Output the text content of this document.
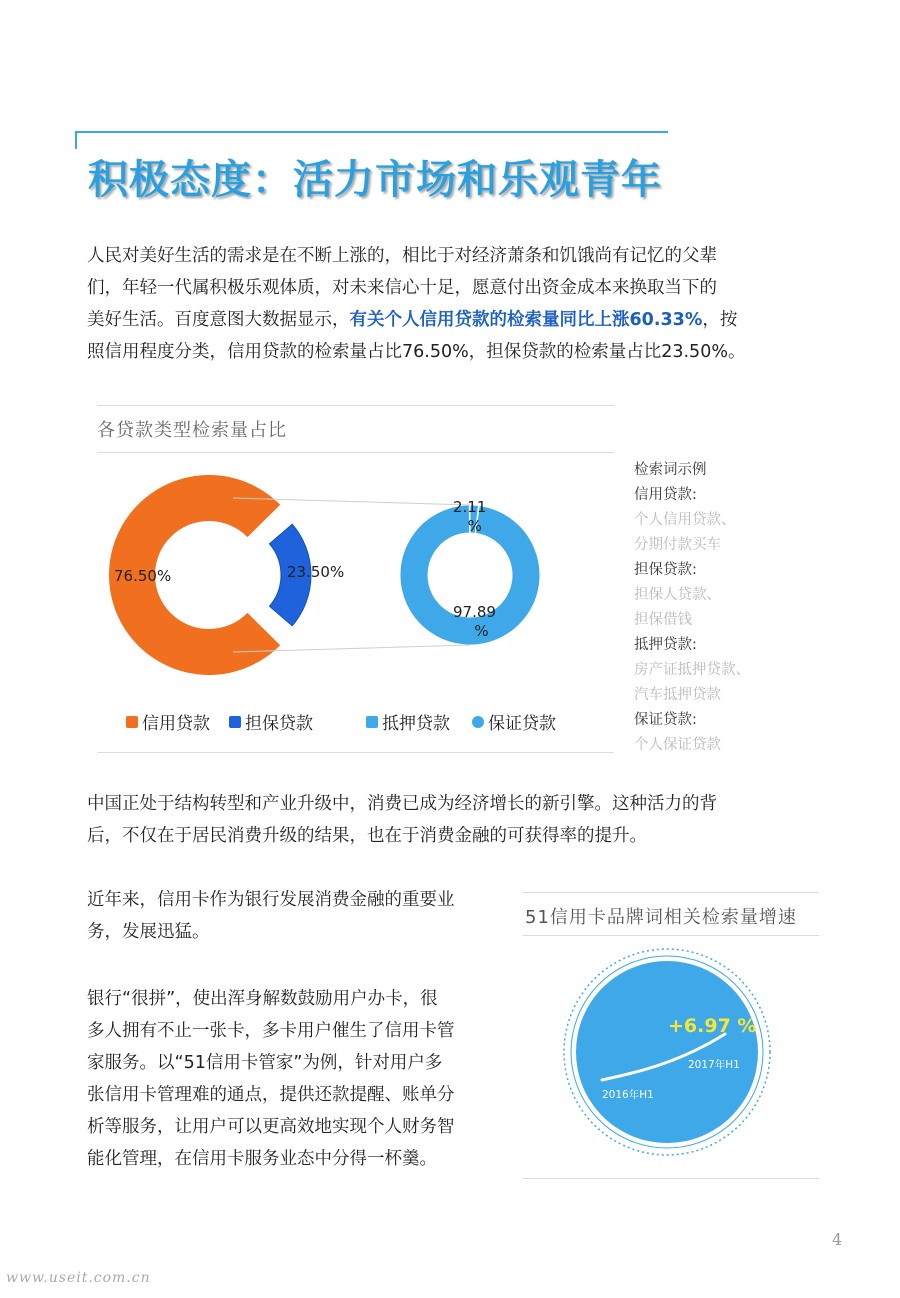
积极态度：活力市场和乐观青年
人民对美好生活的需求是在不断上涨的，相比于对经济萧条和饥饿尚有记忆的父辈
们，年轻一代属积极乐观体质，对未来信心十足，愿意付出资金成本来换取当下的
美好生活。百度意图大数据显示，有关个人信用贷款的检索量同比上涨60.33%，按
照信用程度分类，信用贷款的检索量占比76.50%，担保贷款的检索量占比23.50%。
各贷款类型检索量占比
76.50%	23.50%
2.11
%
97.89
%
信用贷款 担保贷款	抵押贷款 保证贷款
检索词示例
信用贷款:
个人信用贷款、
分期付款买车
担保贷款:
担保人贷款、
担保借钱
抵押贷款:
房产证抵押贷款、
汽车抵押贷款
保证贷款:
个人保证贷款
中国正处于结构转型和产业升级中，消费已成为经济增长的新引擎。这种活力的背
后，不仅在于居民消费升级的结果，也在于消费金融的可获得率的提升。
近年来，信用卡作为银行发展消费金融的重要业
务，发展迅猛。
银行“很拼”，使出浑身解数鼓励用户办卡，很
多人拥有不止一张卡，多卡用户催生了信用卡管
家服务。以“51信用卡管家”为例，针对用户多
张信用卡管理难的通点，提供还款提醒、账单分
析等服务，让用户可以更高效地实现个人财务智
能化管理，在信用卡服务业态中分得一杯羹。
51信用卡品牌词相关检索量增速
+6.97 %
2017年H1
2016年H1
4
www.useit.com.cn
